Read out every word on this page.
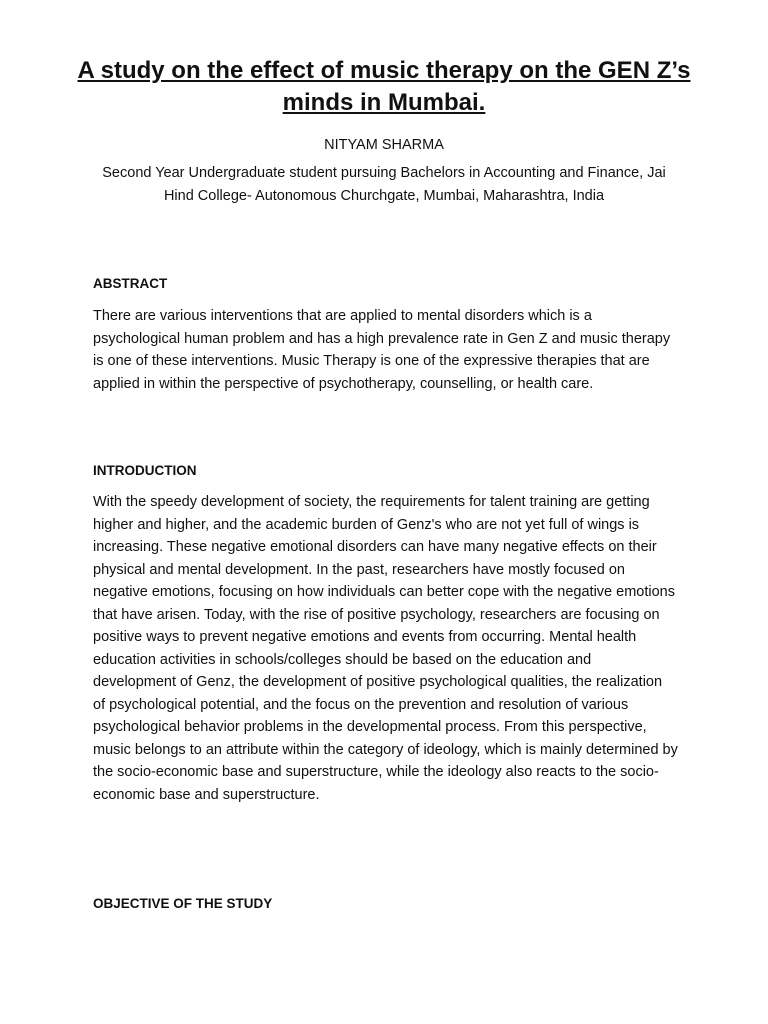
A study on the effect of music therapy on the GEN Z’s minds in Mumbai.

NITYAM SHARMA

Second Year Undergraduate student pursuing Bachelors in Accounting and Finance, Jai Hind College- Autonomous Churchgate, Mumbai, Maharashtra, India

ABSTRACT

There are various interventions that are applied to mental disorders which is a psychological human problem and has a high prevalence rate in Gen Z and music therapy is one of these interventions. Music Therapy is one of the expressive therapies that are applied in within the perspective of psychotherapy, counselling, or health care.

INTRODUCTION

With the speedy development of society, the requirements for talent training are getting higher and higher, and the academic burden of Genz's who are not yet full of wings is increasing. These negative emotional disorders can have many negative effects on their physical and mental development. In the past, researchers have mostly focused on negative emotions, focusing on how individuals can better cope with the negative emotions that have arisen. Today, with the rise of positive psychology, researchers are focusing on positive ways to prevent negative emotions and events from occurring. Mental health education activities in schools/colleges should be based on the education and development of Genz, the development of positive psychological qualities, the realization of psychological potential, and the focus on the prevention and resolution of various psychological behavior problems in the developmental process. From this perspective, music belongs to an attribute within the category of ideology, which is mainly determined by the socio-economic base and superstructure, while the ideology also reacts to the socio-economic base and superstructure.

OBJECTIVE OF THE STUDY
